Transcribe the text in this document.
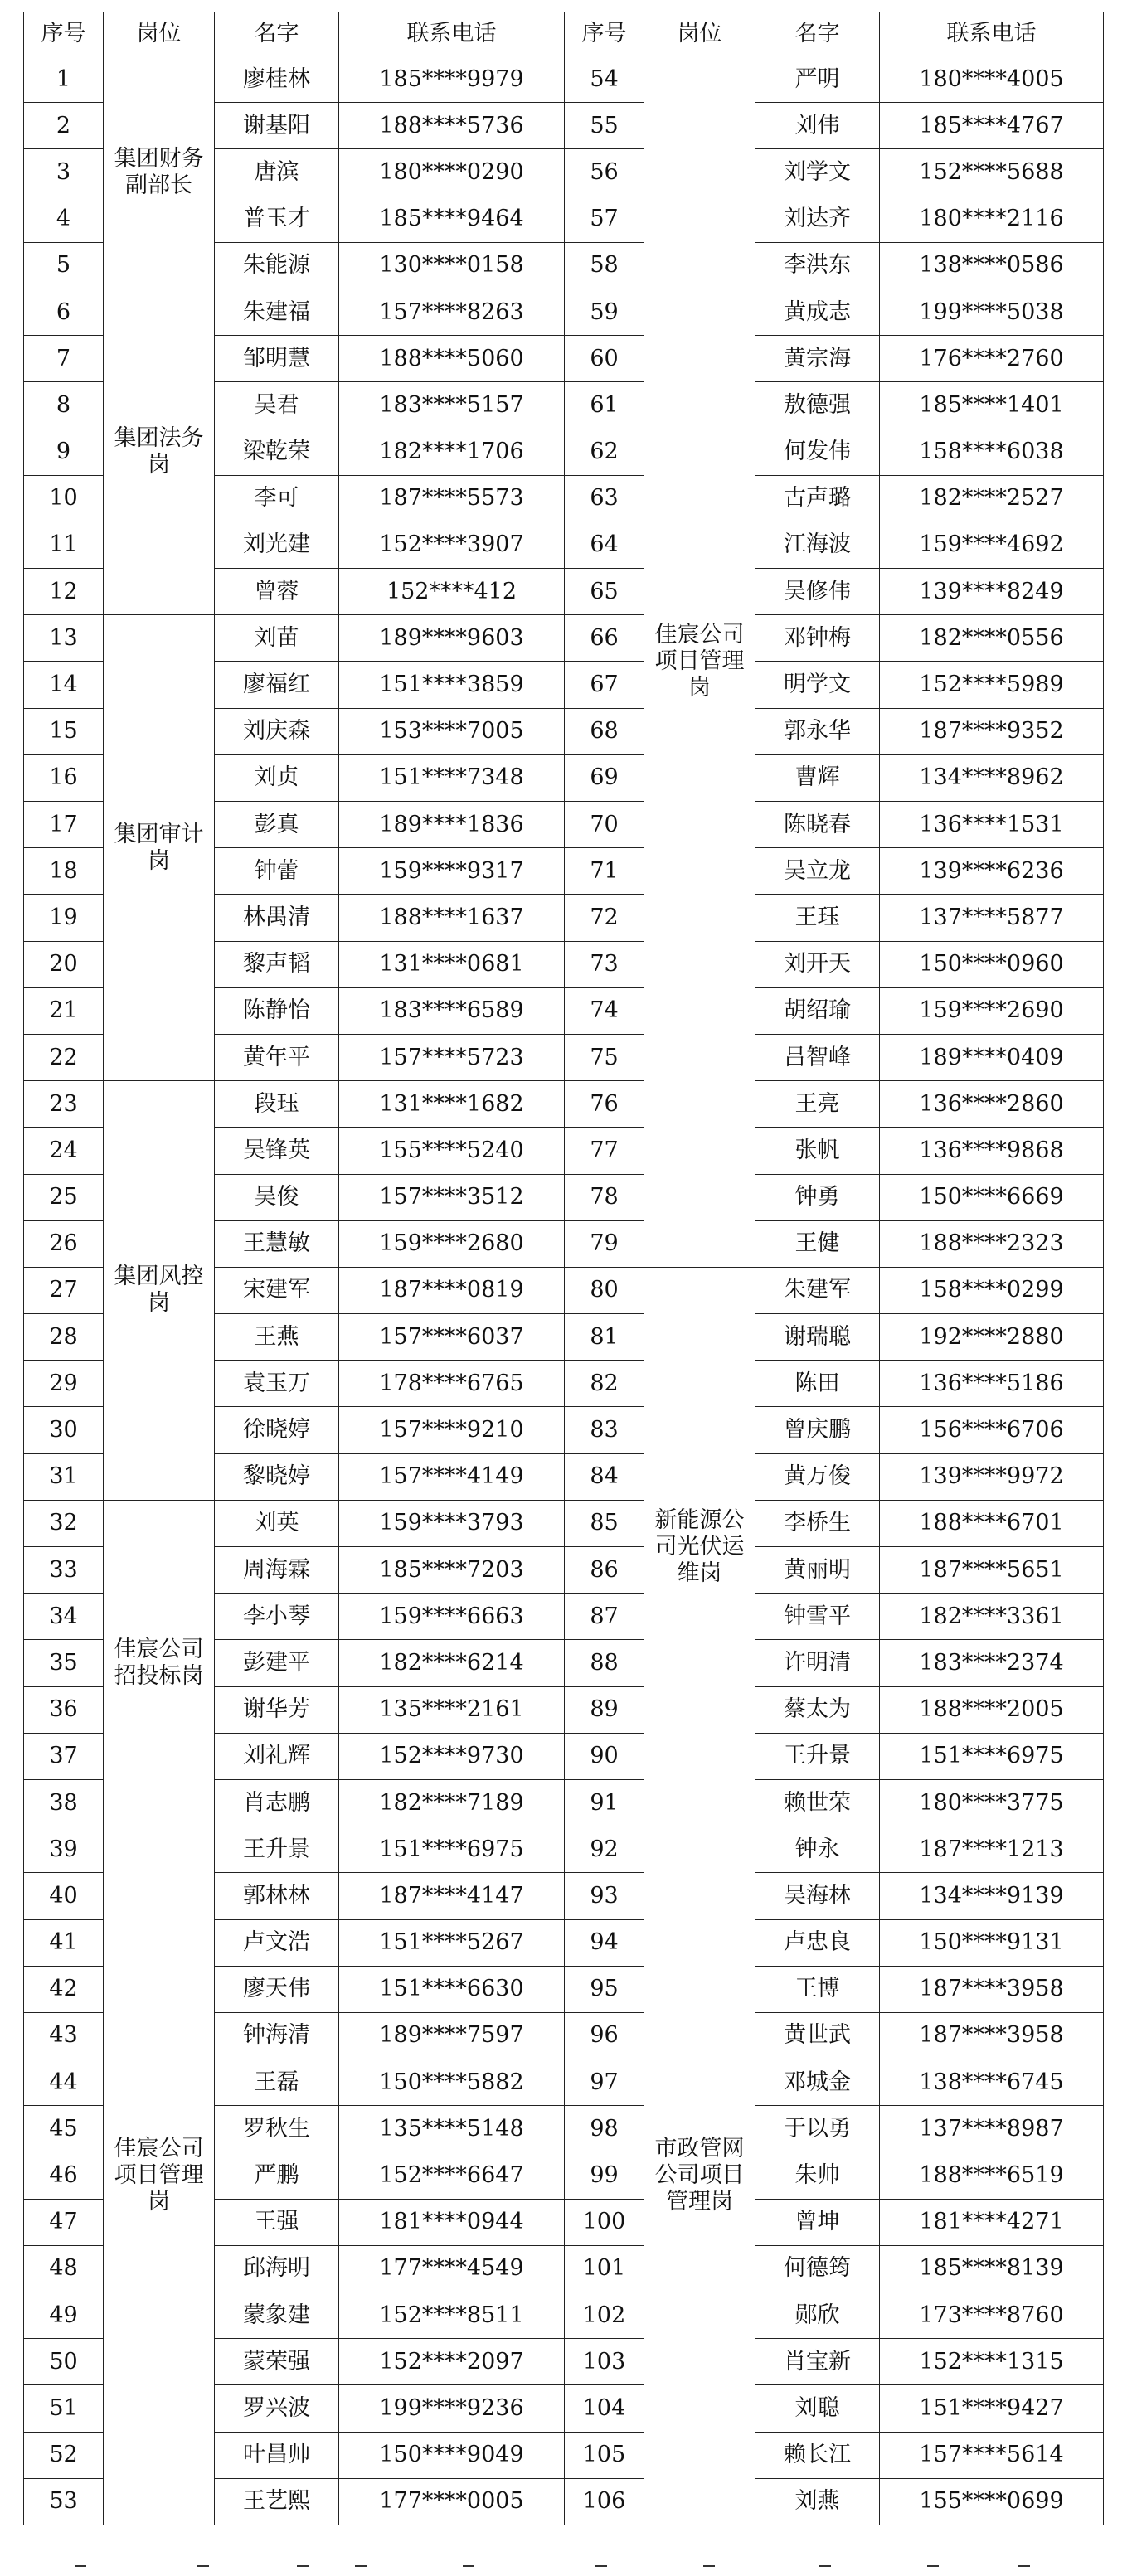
序号	岗位	名字	联系电话	序号	岗位	名字	联系电话
1	集团财务副部长	廖桂林	185****9979	54	佳宸公司项目管理岗	严明	180****4005
2		谢基阳	188****5736	55		刘伟	185****4767
3		唐滨	180****0290	56		刘学文	152****5688
4		普玉才	185****9464	57		刘达齐	180****2116
5		朱能源	130****0158	58		李洪东	138****0586
6	集团法务岗	朱建福	157****8263	59		黄成志	199****5038
7		邹明慧	188****5060	60		黄宗海	176****2760
8		吴君	183****5157	61		敖德强	185****1401
9		梁乾荣	182****1706	62		何发伟	158****6038
10		李可	187****5573	63		古声璐	182****2527
11		刘光建	152****3907	64		江海波	159****4692
12		曾蓉	152****412	65		吴修伟	139****8249
13	集团审计岗	刘苗	189****9603	66		邓钟梅	182****0556
14		廖福红	151****3859	67		明学文	152****5989
15		刘庆森	153****7005	68		郭永华	187****9352
16		刘贞	151****7348	69		曹辉	134****8962
17		彭真	189****1836	70		陈晓春	136****1531
18		钟蕾	159****9317	71		吴立龙	139****6236
19		林禺清	188****1637	72		王珏	137****5877
20		黎声韬	131****0681	73		刘开天	150****0960
21		陈静怡	183****6589	74		胡绍瑜	159****2690
22		黄年平	157****5723	75		吕智峰	189****0409
23	集团风控岗	段珏	131****1682	76		王亮	136****2860
24		吴锋英	155****5240	77		张帆	136****9868
25		吴俊	157****3512	78		钟勇	150****6669
26		王慧敏	159****2680	79		王健	188****2323
27		宋建军	187****0819	80	新能源公司光伏运维岗	朱建军	158****0299
28		王燕	157****6037	81		谢瑞聪	192****2880
29		袁玉万	178****6765	82		陈田	136****5186
30		徐晓婷	157****9210	83		曾庆鹏	156****6706
31		黎晓婷	157****4149	84		黄万俊	139****9972
32	佳宸公司招投标岗	刘英	159****3793	85		李桥生	188****6701
33		周海霖	185****7203	86		黄丽明	187****5651
34		李小琴	159****6663	87		钟雪平	182****3361
35		彭建平	182****6214	88		许明清	183****2374
36		谢华芳	135****2161	89		蔡太为	188****2005
37		刘礼辉	152****9730	90		王升景	151****6975
38		肖志鹏	182****7189	91		赖世荣	180****3775
39	佳宸公司项目管理岗	王升景	151****6975	92	市政管网公司项目管理岗	钟永	187****1213
40		郭林林	187****4147	93		吴海林	134****9139
41		卢文浩	151****5267	94		卢忠良	150****9131
42		廖天伟	151****6630	95		王博	187****3958
43		钟海清	189****7597	96		黄世武	187****3958
44		王磊	150****5882	97		邓城金	138****6745
45		罗秋生	135****5148	98		于以勇	137****8987
46		严鹏	152****6647	99		朱帅	188****6519
47		王强	181****0944	100		曾坤	181****4271
48		邱海明	177****4549	101		何德筠	185****8139
49		蒙象建	152****8511	102		郧欣	173****8760
50		蒙荣强	152****2097	103		肖宝新	152****1315
51		罗兴波	199****9236	104		刘聪	151****9427
52		叶昌帅	150****9049	105		赖长江	157****5614
53		王艺熙	177****0005	106		刘燕	155****0699
